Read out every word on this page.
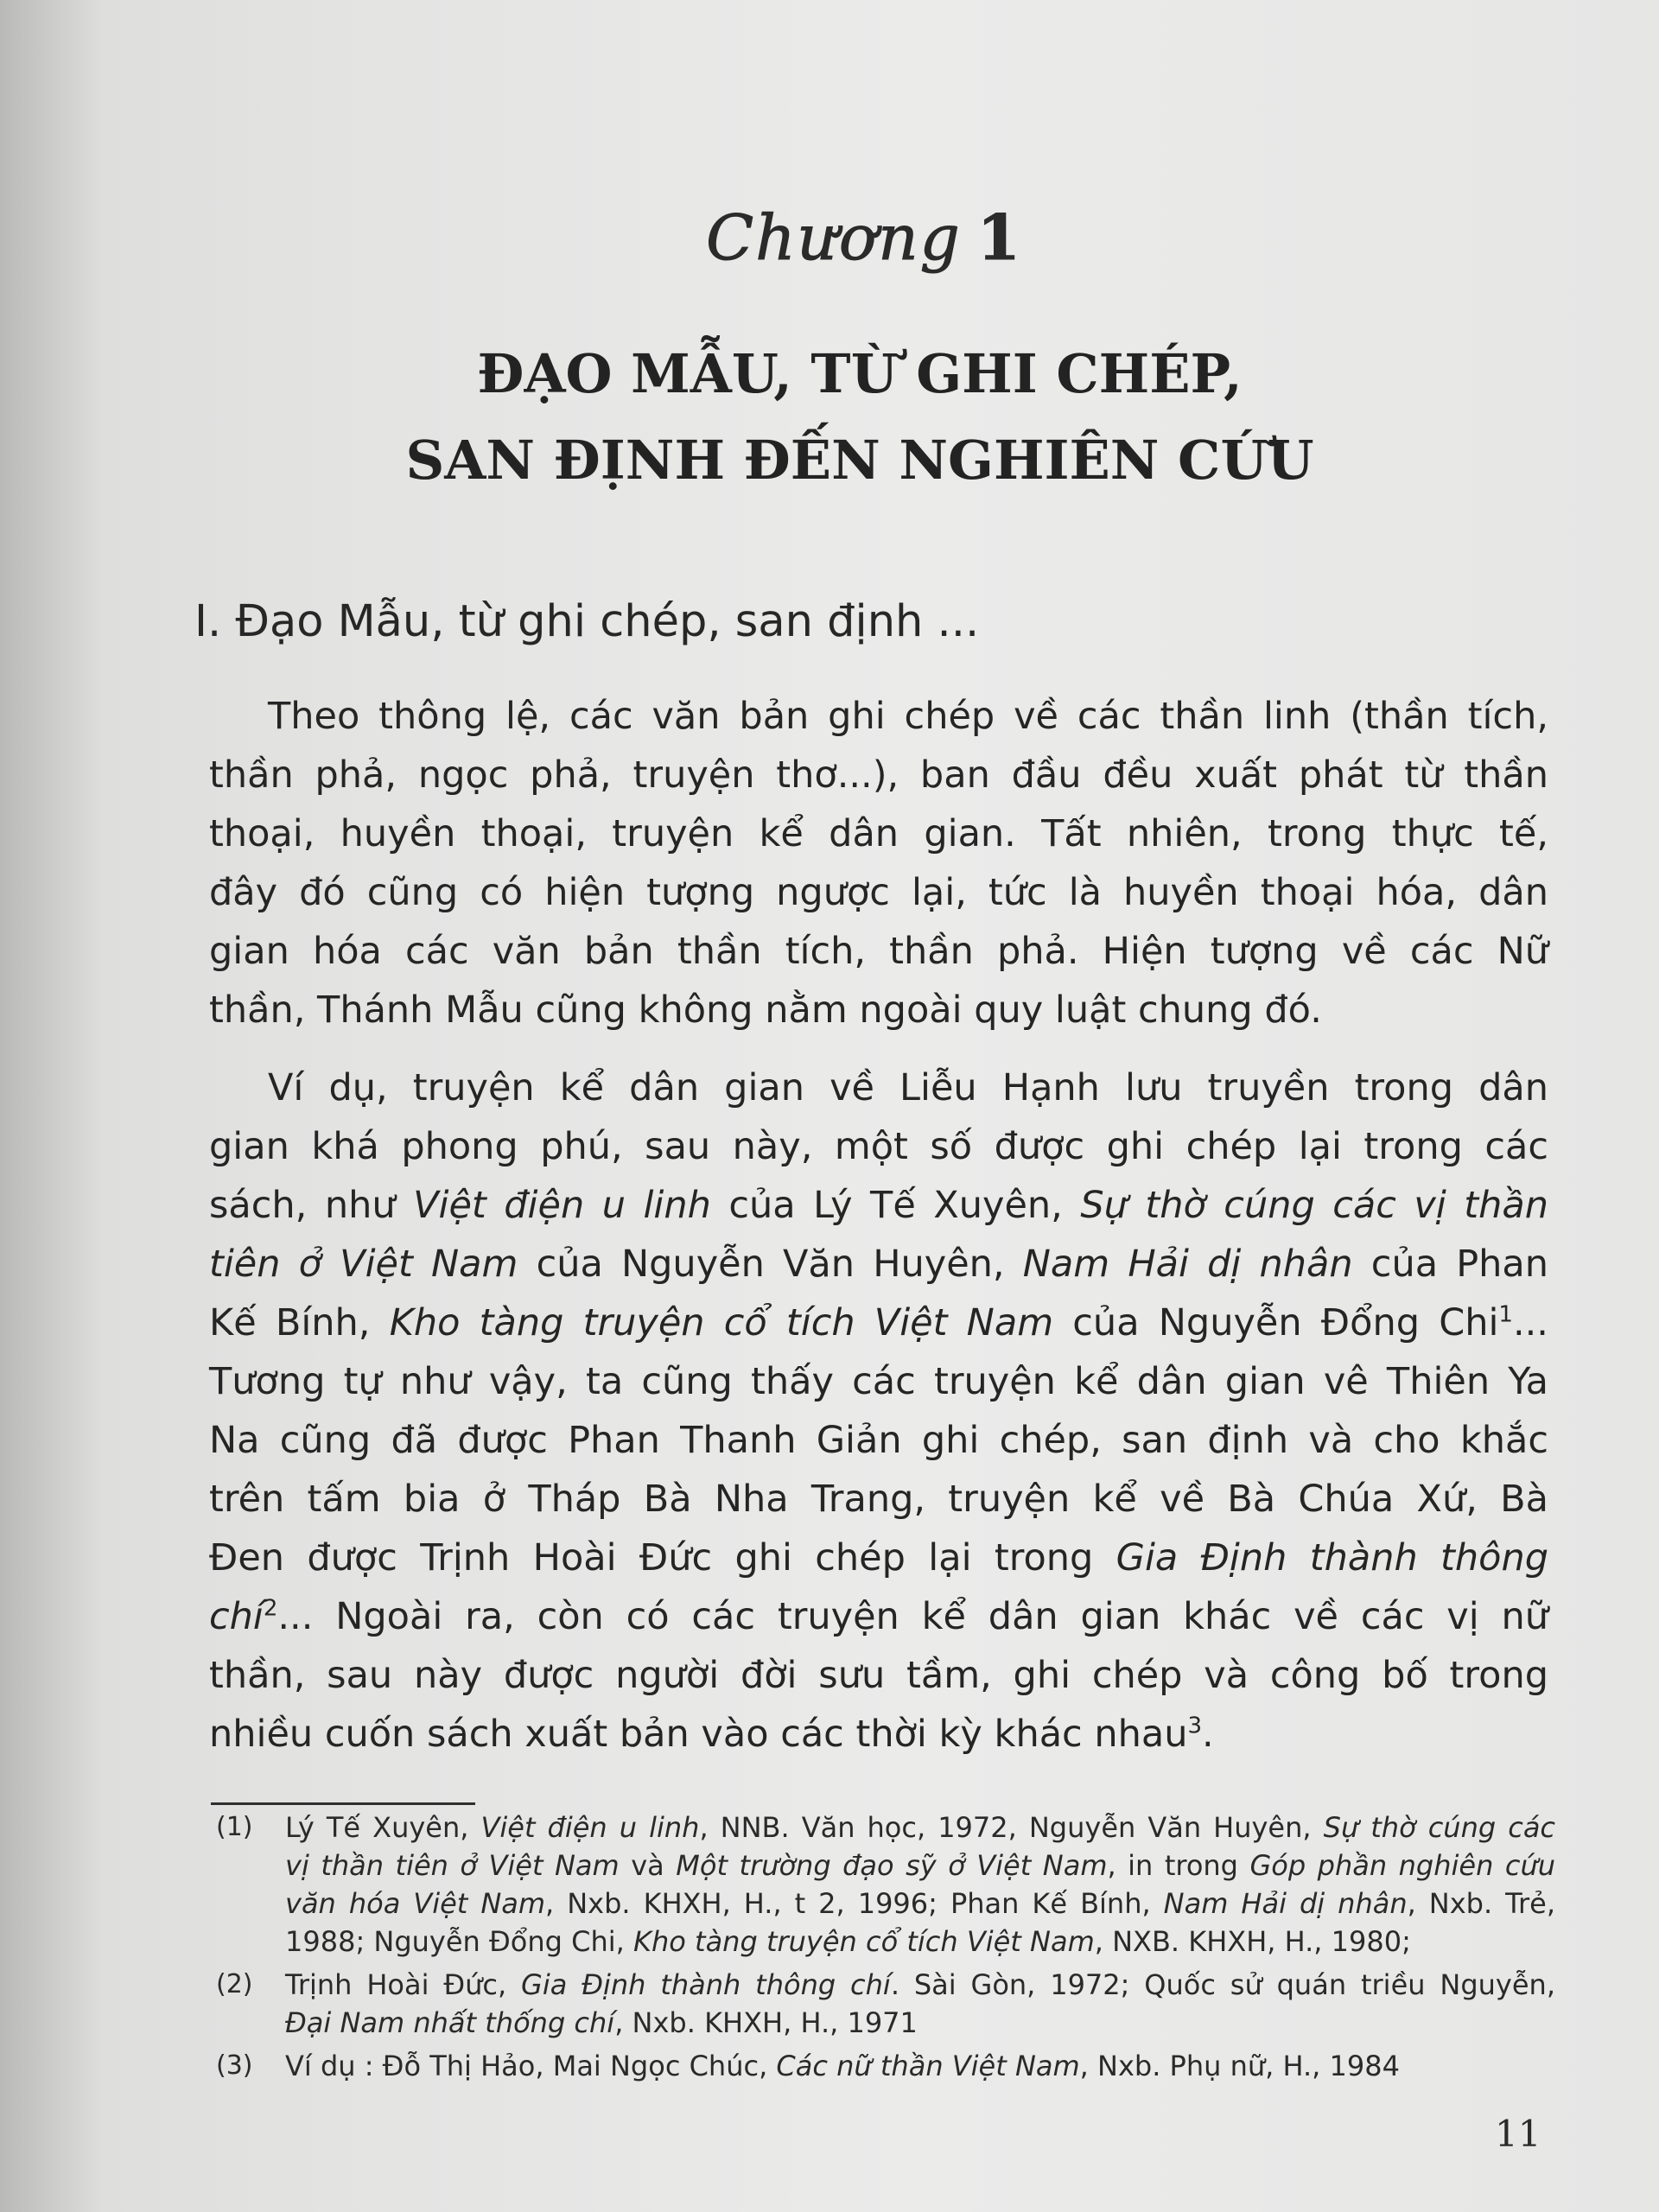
Chương 1
ĐẠO MẪU, TỪ GHI CHÉP,
SAN ĐỊNH ĐẾN NGHIÊN CỨU
I. Đạo Mẫu, từ ghi chép, san định ...
Theo thông lệ, các văn bản ghi chép về các thần linh (thần tích,
thần phả, ngọc phả, truyện thơ...), ban đầu đều xuất phát từ thần
thoại, huyền thoại, truyện kể dân gian. Tất nhiên, trong thực tế,
đây đó cũng có hiện tượng ngược lại, tức là huyền thoại hóa, dân
gian hóa các văn bản thần tích, thần phả. Hiện tượng về các Nữ
thần, Thánh Mẫu cũng không nằm ngoài quy luật chung đó.
Ví dụ, truyện kể dân gian về Liễu Hạnh lưu truyền trong dân
gian khá phong phú, sau này, một số được ghi chép lại trong các
sách, như Việt điện u linh của Lý Tế Xuyên, Sự thờ cúng các vị thần
tiên ở Việt Nam của Nguyễn Văn Huyên, Nam Hải dị nhân của Phan
Kế Bính, Kho tàng truyện cổ tích Việt Nam của Nguyễn Đổng Chi$^1$...
Tương tự như vậy, ta cũng thấy các truyện kể dân gian vê Thiên Ya
Na cũng đã được Phan Thanh Giản ghi chép, san định và cho khắc
trên tấm bia ở Tháp Bà Nha Trang, truyện kể về Bà Chúa Xứ, Bà
Đen được Trịnh Hoài Đức ghi chép lại trong Gia Định thành thông
chí$^2$... Ngoài ra, còn có các truyện kể dân gian khác về các vị nữ
thần, sau này được người đời sưu tầm, ghi chép và công bố trong
nhiều cuốn sách xuất bản vào các thời kỳ khác nhau$^3$.
(1) Lý Tế Xuyên, Việt điện u linh, NNB. Văn học, 1972, Nguyễn Văn Huyên, Sự thờ cúng các
vị thần tiên ở Việt Nam và Một trường đạo sỹ ở Việt Nam, in trong Góp phần nghiên cứu
văn hóa Việt Nam, Nxb. KHXH, H., t 2, 1996; Phan Kế Bính, Nam Hải dị nhân, Nxb. Trẻ,
1988; Nguyễn Đổng Chi, Kho tàng truyện cổ tích Việt Nam, NXB. KHXH, H., 1980;
(2) Trịnh Hoài Đức, Gia Định thành thông chí. Sài Gòn, 1972; Quốc sử quán triều Nguyễn,
Đại Nam nhất thống chí, Nxb. KHXH, H., 1971
(3) Ví dụ : Đỗ Thị Hảo, Mai Ngọc Chúc, Các nữ thần Việt Nam, Nxb. Phụ nữ, H., 1984
11
